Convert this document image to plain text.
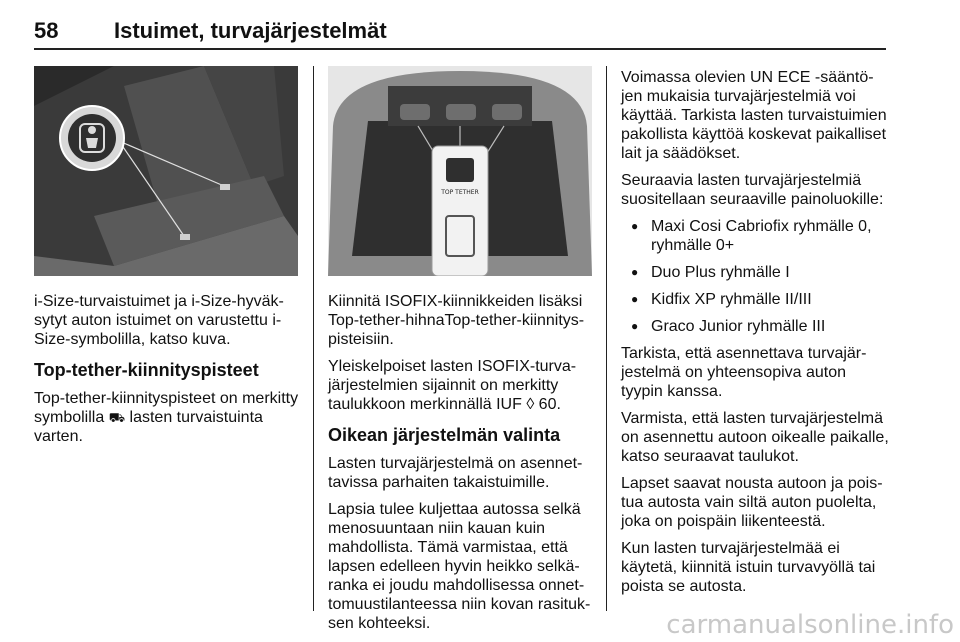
58	Istuimet, turvajärjestelmät
TOP TETHER

i-Size-turvaistuimet ja i-Size-hyväksytyt auton istuimet on varustettu i-Size-symbolilla, katso kuva.

Top-tether-kiinnityspisteet

Top-tether-kiinnityspisteet on merkitty symbolilla ⛟ lasten turvaistuinta varten.

Kiinnitä ISOFIX-kiinnikkeiden lisäksi Top-tether-hihnaTop-tether-kiinnityspisteisiin.

Yleiskelpoiset lasten ISOFIX-turvajärjestelmien sijainnit on merkitty taulukkoon merkinnällä IUF ◊ 60.

Oikean järjestelmän valinta

Lasten turvajärjestelmä on asennettavissa parhaiten takaistuimille.

Lapsia tulee kuljettaa autossa selkä menosuuntaan niin kauan kuin mahdollista. Tämä varmistaa, että lapsen edelleen hyvin heikko selkäranka ei joudu mahdollisessa onnettomuustilanteessa niin kovan rasituksen kohteeksi.

Voimassa olevien UN ECE -sääntöjen mukaisia turvajärjestelmiä voi käyttää. Tarkista lasten turvaistuimien pakollista käyttöä koskevat paikalliset lait ja säädökset.

Seuraavia lasten turvajärjestelmiä suositellaan seuraaville painoluokille:

● Maxi Cosi Cabriofix ryhmälle 0, ryhmälle 0+
● Duo Plus ryhmälle I
● Kidfix XP ryhmälle II/III
● Graco Junior ryhmälle III

Tarkista, että asennettava turvajärjestelmä on yhteensopiva auton tyypin kanssa.

Varmista, että lasten turvajärjestelmä on asennettu autoon oikealle paikalle, katso seuraavat taulukot.

Lapset saavat nousta autoon ja poistua autosta vain siltä auton puolelta, joka on poispäin liikenteestä.

Kun lasten turvajärjestelmää ei käytetä, kiinnitä istuin turvavyöllä tai poista se autosta.

carmanualsonline.info
